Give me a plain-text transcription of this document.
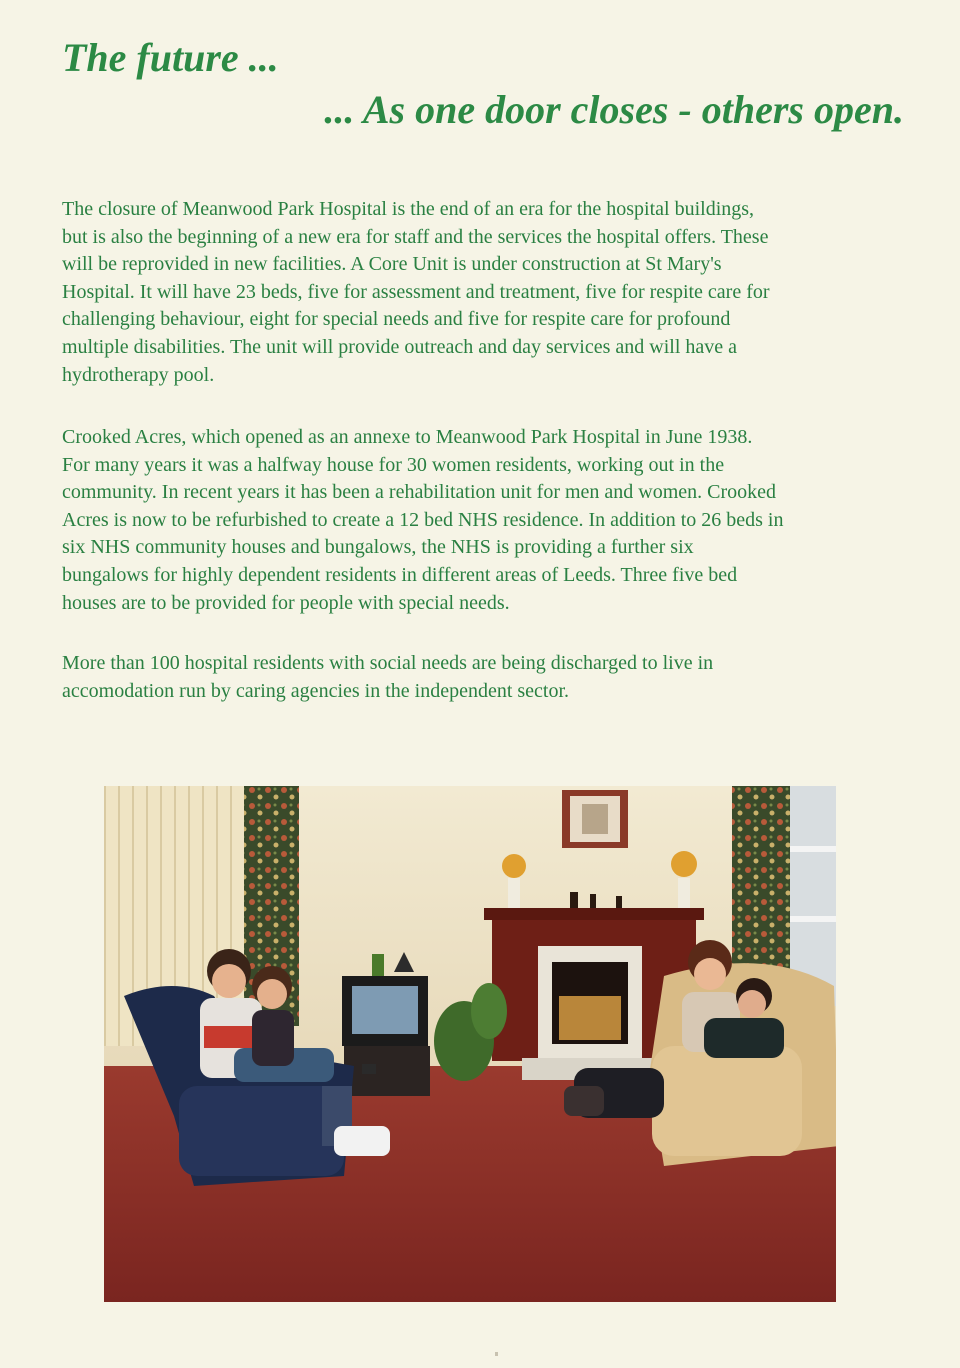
The future ...
... As one door closes - others open.

The closure of Meanwood Park Hospital is the end of an era for the hospital buildings,
but is also the beginning of a new era for staff and the services the hospital offers. These
will be reprovided in new facilities. A Core Unit is under construction at St Mary's
Hospital. It will have 23 beds, five for assessment and treatment, five for respite care for
challenging behaviour, eight for special needs and five for respite care for profound
multiple disabilities. The unit will provide outreach and day services and will have a
hydrotherapy pool.

Crooked Acres, which opened as an annexe to Meanwood Park Hospital in June 1938.
For many years it was a halfway house for 30 women residents, working out in the
community. In recent years it has been a rehabilitation unit for men and women. Crooked
Acres is now to be refurbished to create a 12 bed NHS residence. In addition to 26 beds in
six NHS community houses and bungalows, the NHS is providing a further six
bungalows for highly dependent residents in different areas of Leeds. Three five bed
houses are to be provided for people with special needs.

More than 100 hospital residents with social needs are being discharged to live in
accomodation run by caring agencies in the independent sector.
